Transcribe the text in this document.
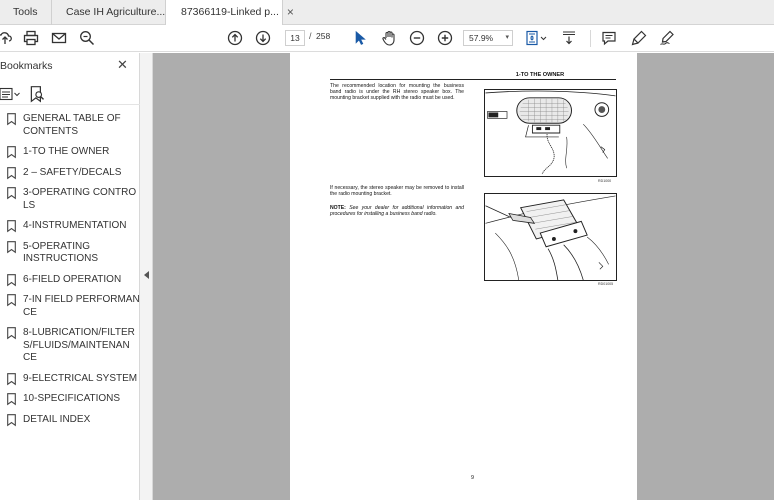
Tools	Case IH Agriculture... 87366119-Linked p... ×
13	/ 258	57.9% ▾
Bookmarks	✕
GENERAL TABLE OF CONTENTS
1-TO THE OWNER
2 – SAFETY/DECALS
3-OPERATING CONTROLS
4-INSTRUMENTATION
5-OPERATING INSTRUCTIONS
6-FIELD OPERATION
7-IN FIELD PERFORMANCE
8-LUBRICATION/FILTERS/FLUIDS/MAINTENANCE
9-ELECTRICAL SYSTEM
10-SPECIFICATIONS
DETAIL INDEX
1-TO THE OWNER
The recommended location for mounting the business band radio is under the RH stereo speaker box. The mounting bracket supplied with the radio must be used.
RD1000
If necessary, the stereo speaker may be removed to install the radio mounting bracket.
NOTE: See your dealer for additional information and procedures for installing a business band radio.
RD01005
9
